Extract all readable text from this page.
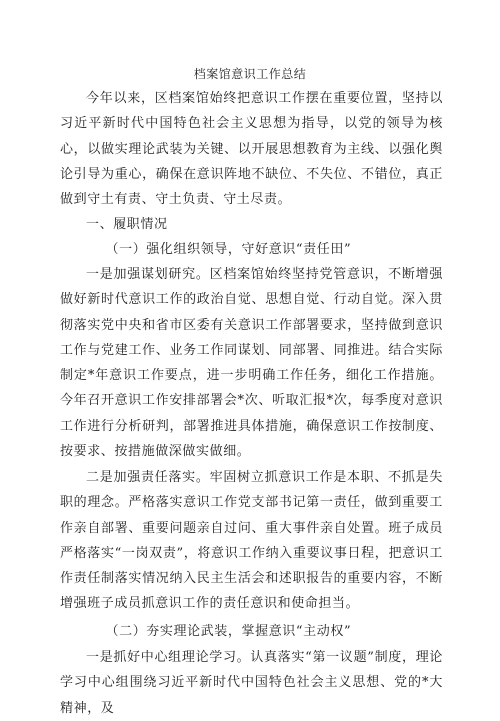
档案馆意识工作总结

今年以来，区档案馆始终把意识工作摆在重要位置，坚持以习近平新时代中国特色社会主义思想为指导，以党的领导为核心，以做实理论武装为关键、以开展思想教育为主线、以强化舆论引导为重心，确保在意识阵地不缺位、不失位、不错位，真正做到守土有责、守土负责、守土尽责。

一、履职情况

（一）强化组织领导，守好意识“责任田”

一是加强谋划研究。区档案馆始终坚持党管意识，不断增强做好新时代意识工作的政治自觉、思想自觉、行动自觉。深入贯彻落实党中央和省市区委有关意识工作部署要求，坚持做到意识工作与党建工作、业务工作同谋划、同部署、同推进。结合实际制定*年意识工作要点，进一步明确工作任务，细化工作措施。今年召开意识工作安排部署会*次、听取汇报*次，每季度对意识工作进行分析研判，部署推进具体措施，确保意识工作按制度、按要求、按措施做深做实做细。

二是加强责任落实。牢固树立抓意识工作是本职、不抓是失职的理念。严格落实意识工作党支部书记第一责任，做到重要工作亲自部署、重要问题亲自过问、重大事件亲自处置。班子成员严格落实“一岗双责”，将意识工作纳入重要议事日程，把意识工作责任制落实情况纳入民主生活会和述职报告的重要内容，不断增强班子成员抓意识工作的责任意识和使命担当。

（二）夯实理论武装，掌握意识“主动权”

一是抓好中心组理论学习。认真落实“第一议题”制度，理论学习中心组围绕习近平新时代中国特色社会主义思想、党的*大精神，及
